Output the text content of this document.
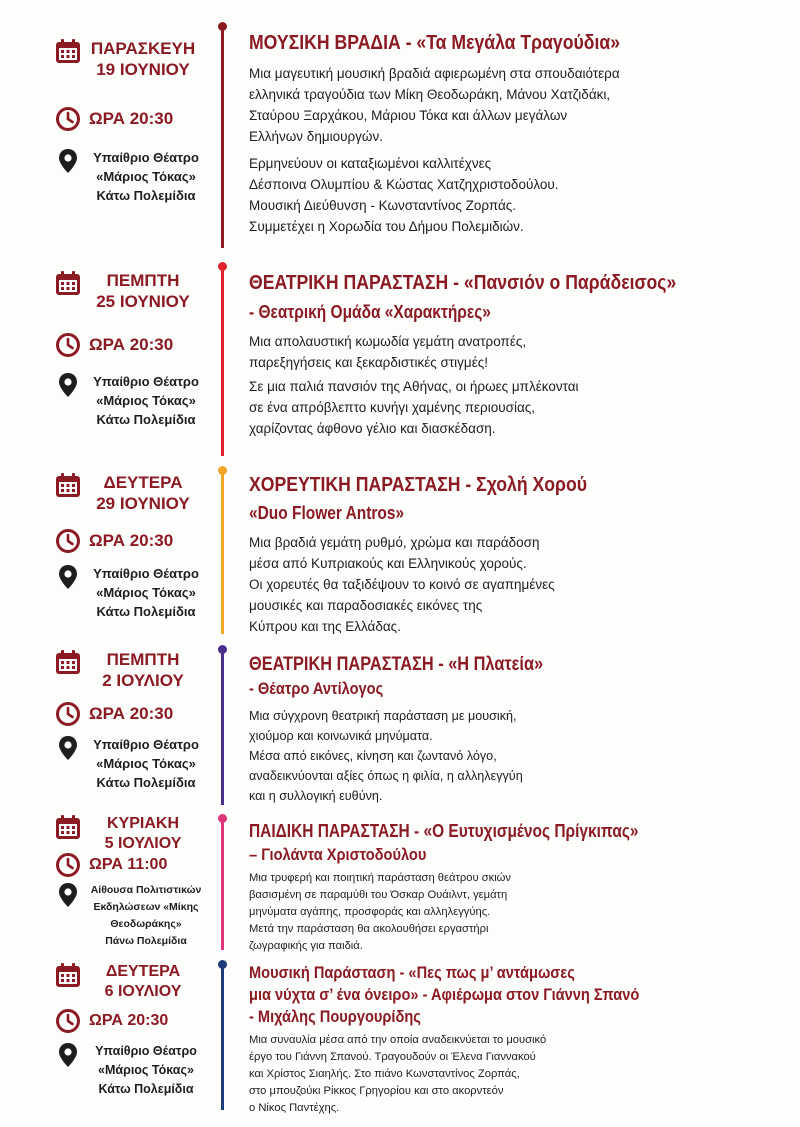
ΠΑΡΑΣΚΕΥΗ
19 ΙΟΥΝΙΟΥ
ΩΡΑ 20:30
Υπαίθριο Θέατρο
«Μάριος Τόκας»
Κάτω Πολεμίδια
ΜΟΥΣΙΚΗ ΒΡΑΔΙΑ - «Τα Μεγάλα Τραγούδια»

Μια μαγευτική μουσική βραδιά αφιερωμένη στα σπουδαιότερα

ελληνικά τραγούδια των Μίκη Θεοδωράκη, Μάνου Χατζιδάκι,

Σταύρου Ξαρχάκου, Μάριου Τόκα και άλλων μεγάλων

Ελλήνων δημιουργών.

Ερμηνεύουν οι καταξιωμένοι καλλιτέχνες

Δέσποινα Ολυμπίου & Κώστας Χατζηχριστοδούλου.

Μουσική Διεύθυνση - Κωνσταντίνος Ζορπάς.

Συμμετέχει η Χορωδία του Δήμου Πολεμιδιών.

ΠΕΜΠΤΗ
25 ΙΟΥΝΙΟΥ
ΩΡΑ 20:30
Υπαίθριο Θέατρο
«Μάριος Τόκας»
Κάτω Πολεμίδια
ΘΕΑΤΡΙΚΗ ΠΑΡΑΣΤΑΣΗ - «Πανσιόν ο Παράδεισος»
- Θεατρική Ομάδα «Χαρακτήρες»

Μια απολαυστική κωμωδία γεμάτη ανατροπές,

παρεξηγήσεις και ξεκαρδιστικές στιγμές!

Σε μια παλιά πανσιόν της Αθήνας, οι ήρωες μπλέκονται

σε ένα απρόβλεπτο κυνήγι χαμένης περιουσίας,

χαρίζοντας άφθονο γέλιο και διασκέδαση.

ΔΕΥΤΕΡΑ
29 ΙΟΥΝΙΟΥ
ΩΡΑ 20:30
Υπαίθριο Θέατρο
«Μάριος Τόκας»
Κάτω Πολεμίδια
ΧΟΡΕΥΤΙΚΗ ΠΑΡΑΣΤΑΣΗ - Σχολή Χορού
«Duo Flower Antros»

Μια βραδιά γεμάτη ρυθμό, χρώμα και παράδοση

μέσα από Κυπριακούς και Ελληνικούς χορούς.

Οι χορευτές θα ταξιδέψουν το κοινό σε αγαπημένες

μουσικές και παραδοσιακές εικόνες της

Κύπρου και της Ελλάδας.

ΠΕΜΠΤΗ
2 ΙΟΥΛΙΟΥ
ΩΡΑ 20:30
Υπαίθριο Θέατρο
«Μάριος Τόκας»
Κάτω Πολεμίδια
ΘΕΑΤΡΙΚΗ ΠΑΡΑΣΤΑΣΗ - «Η Πλατεία»
- Θέατρο Αντίλογος

Μια σύγχρονη θεατρική παράσταση με μουσική,

χιούμορ και κοινωνικά μηνύματα.

Μέσα από εικόνες, κίνηση και ζωντανό λόγο,

αναδεικνύονται αξίες όπως η φιλία, η αλληλεγγύη

και η συλλογική ευθύνη.

ΚΥΡΙΑΚΗ
5 ΙΟΥΛΙΟΥ
ΩΡΑ 11:00
Αίθουσα Πολιτιστικών
Εκδηλώσεων «Μίκης
Θεοδωράκης»
Πάνω Πολεμίδια
ΠΑΙΔΙΚΗ ΠΑΡΑΣΤΑΣΗ - «Ο Ευτυχισμένος Πρίγκιπας»
– Γιολάντα Χριστοδούλου

Μια τρυφερή και ποιητική παράσταση θεάτρου σκιών

βασισμένη σε παραμύθι του Όσκαρ Ουάιλντ, γεμάτη

μηνύματα αγάπης, προσφοράς και αλληλεγγύης.

Μετά την παράσταση θα ακολουθήσει εργαστήρι

ζωγραφικής για παιδιά.

ΔΕΥΤΕΡΑ
6 ΙΟΥΛΙΟΥ
ΩΡΑ 20:30
Υπαίθριο Θέατρο
«Μάριος Τόκας»
Κάτω Πολεμίδια
Μουσική Παράσταση - «Πες πως μ’ αντάμωσες
μια νύχτα σ’ ένα όνειρο» - Αφιέρωμα στον Γιάννη Σπανό
- Μιχάλης Πουργουρίδης

Μια συναυλία μέσα από την οποία αναδεικνύεται το μουσικό

έργο του Γιάννη Σπανού. Τραγουδούν οι Έλενα Γιαννακού

και Χρίστος Σιαηλής. Στο πιάνο Κωνσταντίνος Ζορπάς,

στο μπουζούκι Ρίκκος Γρηγορίου και στο ακορντεόν

ο Νίκος Παντέχης.
